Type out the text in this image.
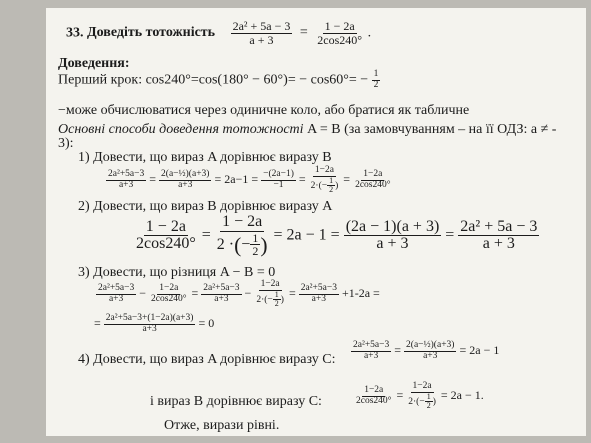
33. Доведіть тотожність $\frac{\text{2a² + 5a − 3}}{a + 3} = \frac{1 - 2a}{2\cos 240^\circ}$ .
Доведення:
Перший крок: $\cos 240^\circ=\cos(180^\circ - 60^\circ)= - \cos 60^\circ= - \frac{1}{2}$
−може обчислюватися через одиничне коло, або братися як табличне
Основні способи доведення тотожності A = B (за замовчуванням – на її ОДЗ: a ≠ -
3):
1) Довести, що вираз A дорівнює виразу B
$\frac{\text{2a²+5a−3}}{a+3} = \frac{\text{2(a−½)(a+3)}}{a+3} = 2a-1 = \frac{-(2a-1)}{-1} = \frac{1-2a}{2\cdot(- \frac{1}{2} )} = \frac{1-2a}{2\cos 240^\circ}$
2) Довести, що вираз B дорівнює виразу A
$\frac{1 - 2a}{2\cos 240^\circ} = \frac{1 - 2a}{2 \cdot(- \frac{1}{2} )} = 2a - 1 = \frac{(2a - 1)(a + 3)}{a + 3} = \frac{\text{2a² + 5a − 3}}{a + 3}$
3) Довести, що різниця A − B = 0
$\frac{\text{2a²+5a−3}}{a+3} - \frac{1-2a}{2\cos 240^\circ} = \frac{\text{2a²+5a−3}}{a+3} - \frac{1-2a}{2\cdot(- \frac{1}{2} )} = \frac{\text{2a²+5a−3}}{a+3} +1-2a$ =
= $\frac{\text{2a²+5a−3+(1−2a)(a+3)}}{a+3} = 0$
4) Довести, що вираз A дорівнює виразу C: $\frac{\text{2a²+5a−3}}{a+3} = \frac{\text{2(a−½)(a+3)}}{a+3} = 2a - 1$
і вираз B дорівнює виразу C:	$\frac{1-2a}{2\cos 240^\circ} = \frac{1-2a}{2\cdot(- \frac{1}{2} )} = 2a - 1$.
Отже, вирази рівні.
